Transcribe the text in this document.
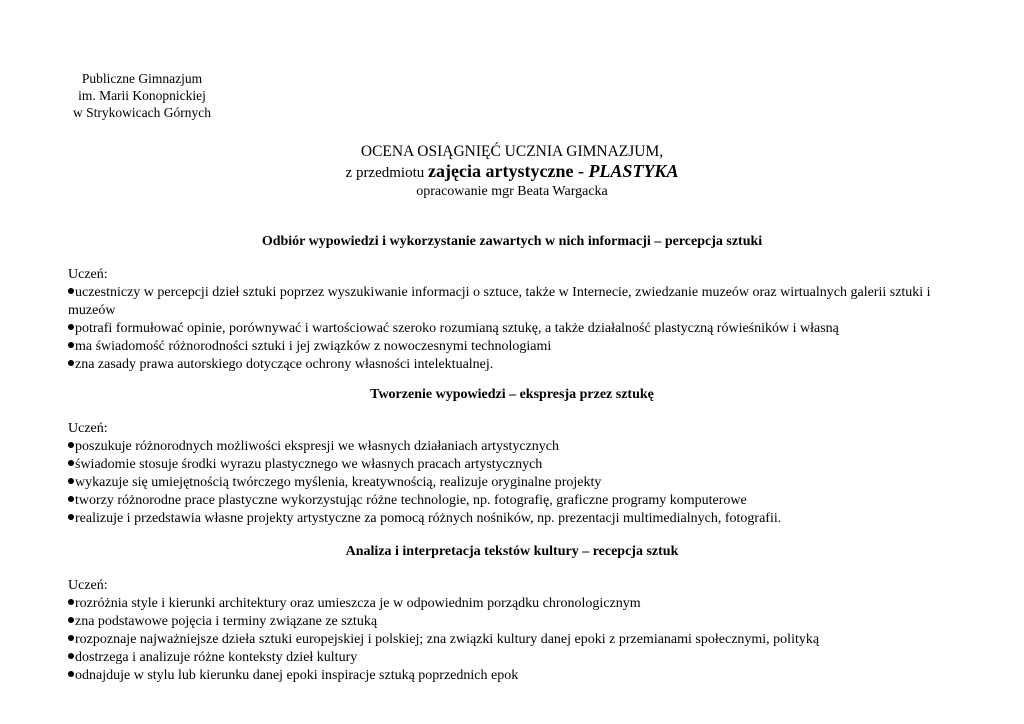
Publiczne Gimnazjum
im. Marii Konopnickiej
w Strykowicach Górnych
OCENA OSIĄGNIĘĆ UCZNIA GIMNAZJUM,
z przedmiotu zajęcia artystyczne - PLASTYKA
opracowanie mgr Beata Wargacka
Odbiór wypowiedzi i wykorzystanie zawartych w nich informacji – percepcja sztuki
Uczeń:
uczestniczy w percepcji dzieł sztuki poprzez wyszukiwanie informacji o sztuce, także w Internecie, zwiedzanie muzeów oraz wirtualnych galerii sztuki i muzeów
potrafi formułować opinie, porównywać i wartościować szeroko rozumianą sztukę, a także działalność plastyczną rówieśników i własną
ma świadomość różnorodności sztuki i jej związków z nowoczesnymi technologiami
zna zasady prawa autorskiego dotyczące ochrony własności intelektualnej.
Tworzenie wypowiedzi – ekspresja przez sztukę
Uczeń:
poszukuje różnorodnych możliwości ekspresji we własnych działaniach artystycznych
świadomie stosuje środki wyrazu plastycznego we własnych pracach artystycznych
wykazuje się umiejętnością twórczego myślenia, kreatywnością, realizuje oryginalne projekty
tworzy różnorodne prace plastyczne wykorzystując różne technologie, np. fotografię, graficzne programy komputerowe
realizuje i przedstawia własne projekty artystyczne za pomocą różnych nośników, np. prezentacji multimedialnych, fotografii.
Analiza i interpretacja tekstów kultury – recepcja sztuk
Uczeń:
rozróżnia style i kierunki architektury oraz umieszcza je w odpowiednim porządku chronologicznym
zna podstawowe pojęcia i terminy związane ze sztuką
rozpoznaje najważniejsze dzieła sztuki europejskiej i polskiej; zna związki kultury danej epoki z przemianami społecznymi, polityką
dostrzega i analizuje różne konteksty dzieł kultury
odnajduje w stylu lub kierunku danej epoki inspiracje sztuką poprzednich epok
